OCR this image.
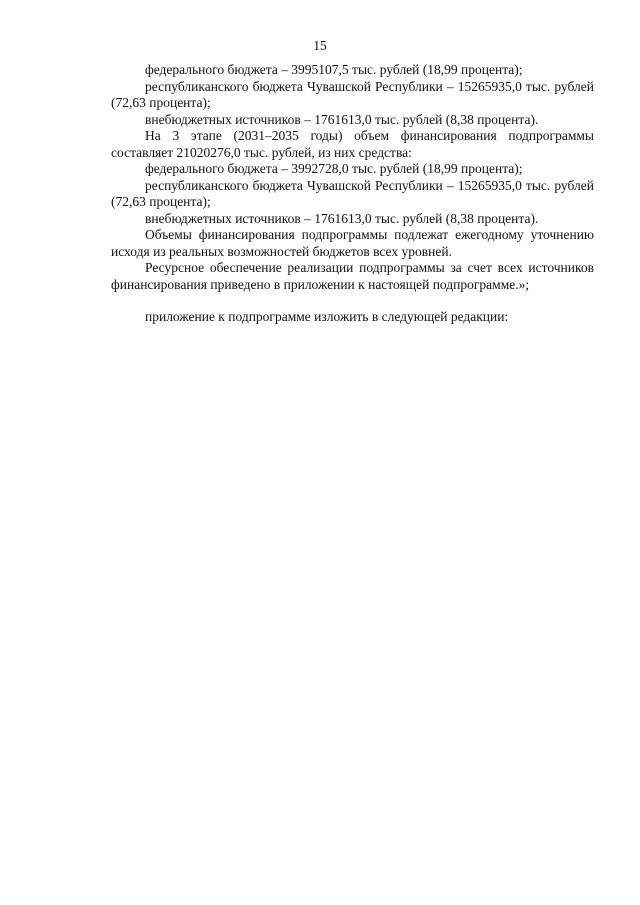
15

федерального бюджета – 3995107,5 тыс. рублей (18,99 процента);

республиканского бюджета Чувашской Республики – 15265935,0 тыс. рублей (72,63 процента);

внебюджетных источников – 1761613,0 тыс. рублей (8,38 процента).

На 3 этапе (2031–2035 годы) объем финансирования подпрограммы составляет 21020276,0 тыс. рублей, из них средства:

федерального бюджета – 3992728,0 тыс. рублей (18,99 процента);

республиканского бюджета Чувашской Республики – 15265935,0 тыс. рублей (72,63 процента);

внебюджетных источников – 1761613,0 тыс. рублей (8,38 процента).

Объемы финансирования подпрограммы подлежат ежегодному уточнению исходя из реальных возможностей бюджетов всех уровней.

Ресурсное обеспечение реализации подпрограммы за счет всех источников финансирования приведено в приложении к настоящей подпрограмме.»;

приложение к подпрограмме изложить в следующей редакции:
